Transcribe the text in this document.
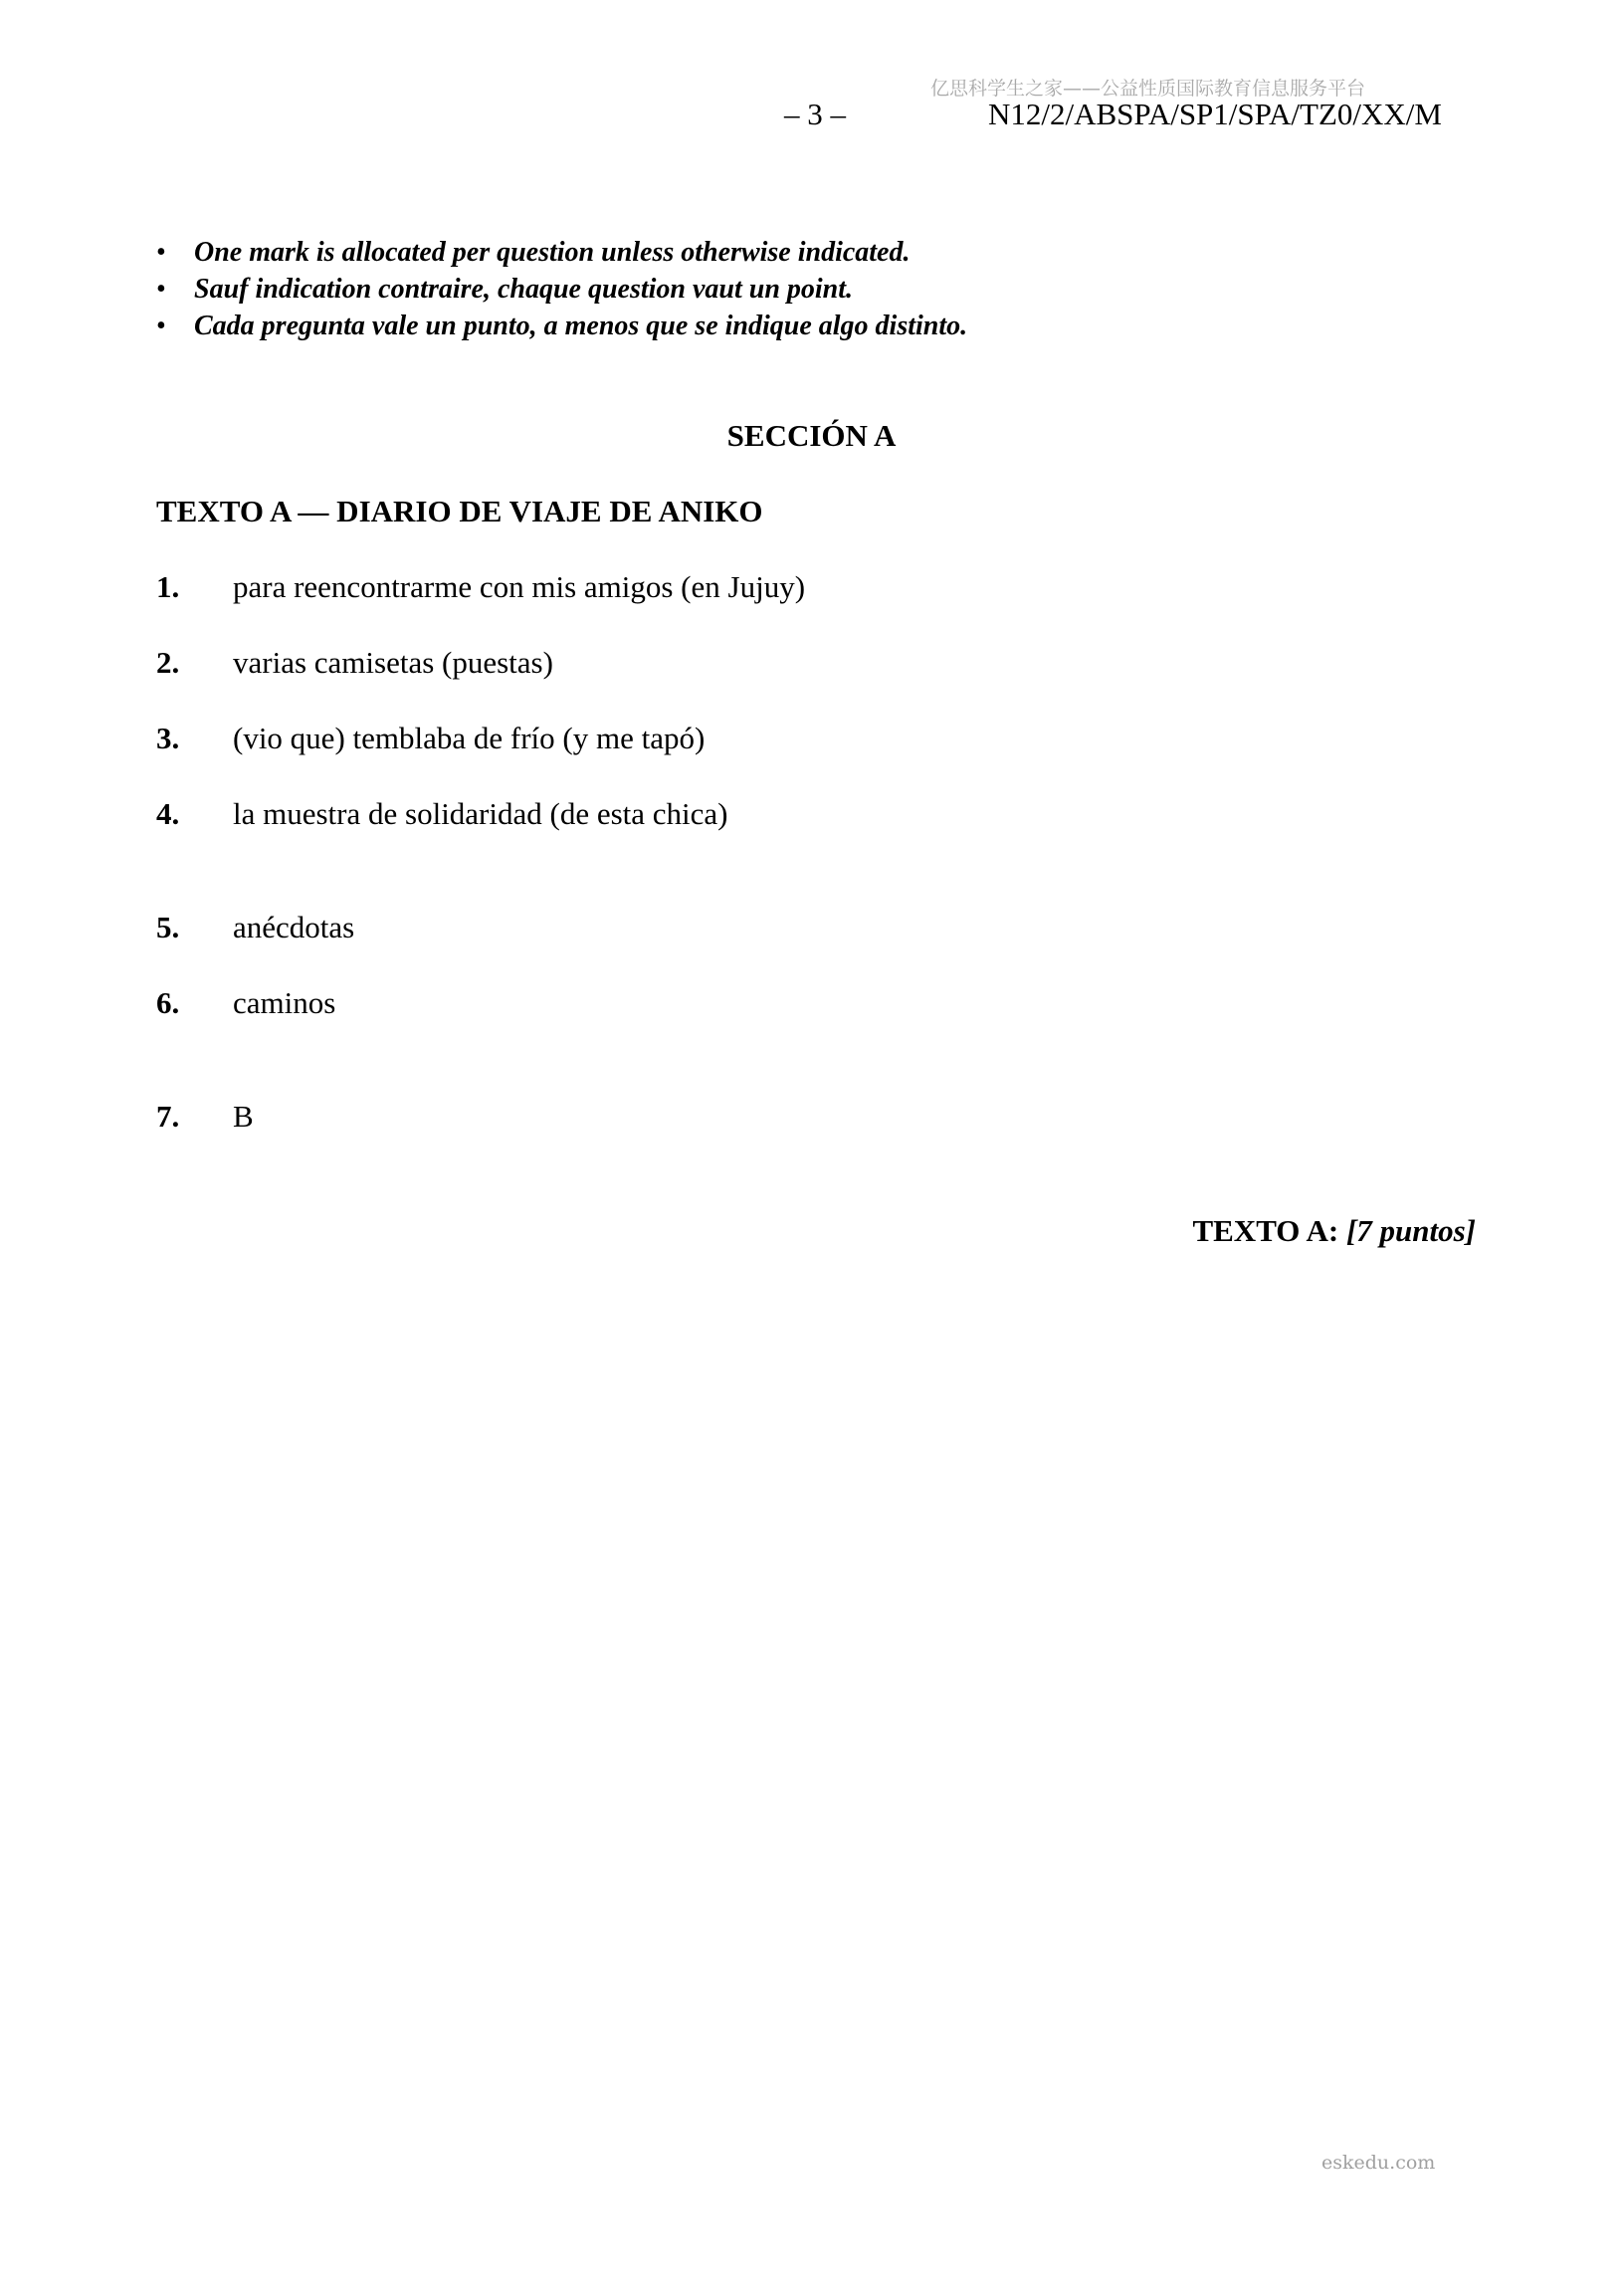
亿思科学生之家——公益性质国际教育信息服务平台
– 3 –	N12/2/ABSPA/SP1/SPA/TZ0/XX/M
• One mark is allocated per question unless otherwise indicated.
• Sauf indication contraire, chaque question vaut un point.
• Cada pregunta vale un punto, a menos que se indique algo distinto.
SECCIÓN A
TEXTO A — DIARIO DE VIAJE DE ANIKO
1. para reencontrarme con mis amigos (en Jujuy)
2. varias camisetas (puestas)
3. (vio que) temblaba de frío (y me tapó)
4. la muestra de solidaridad (de esta chica)
5. anécdotas
6. caminos
7. B
TEXTO A: [7 puntos]
eskedu.com
